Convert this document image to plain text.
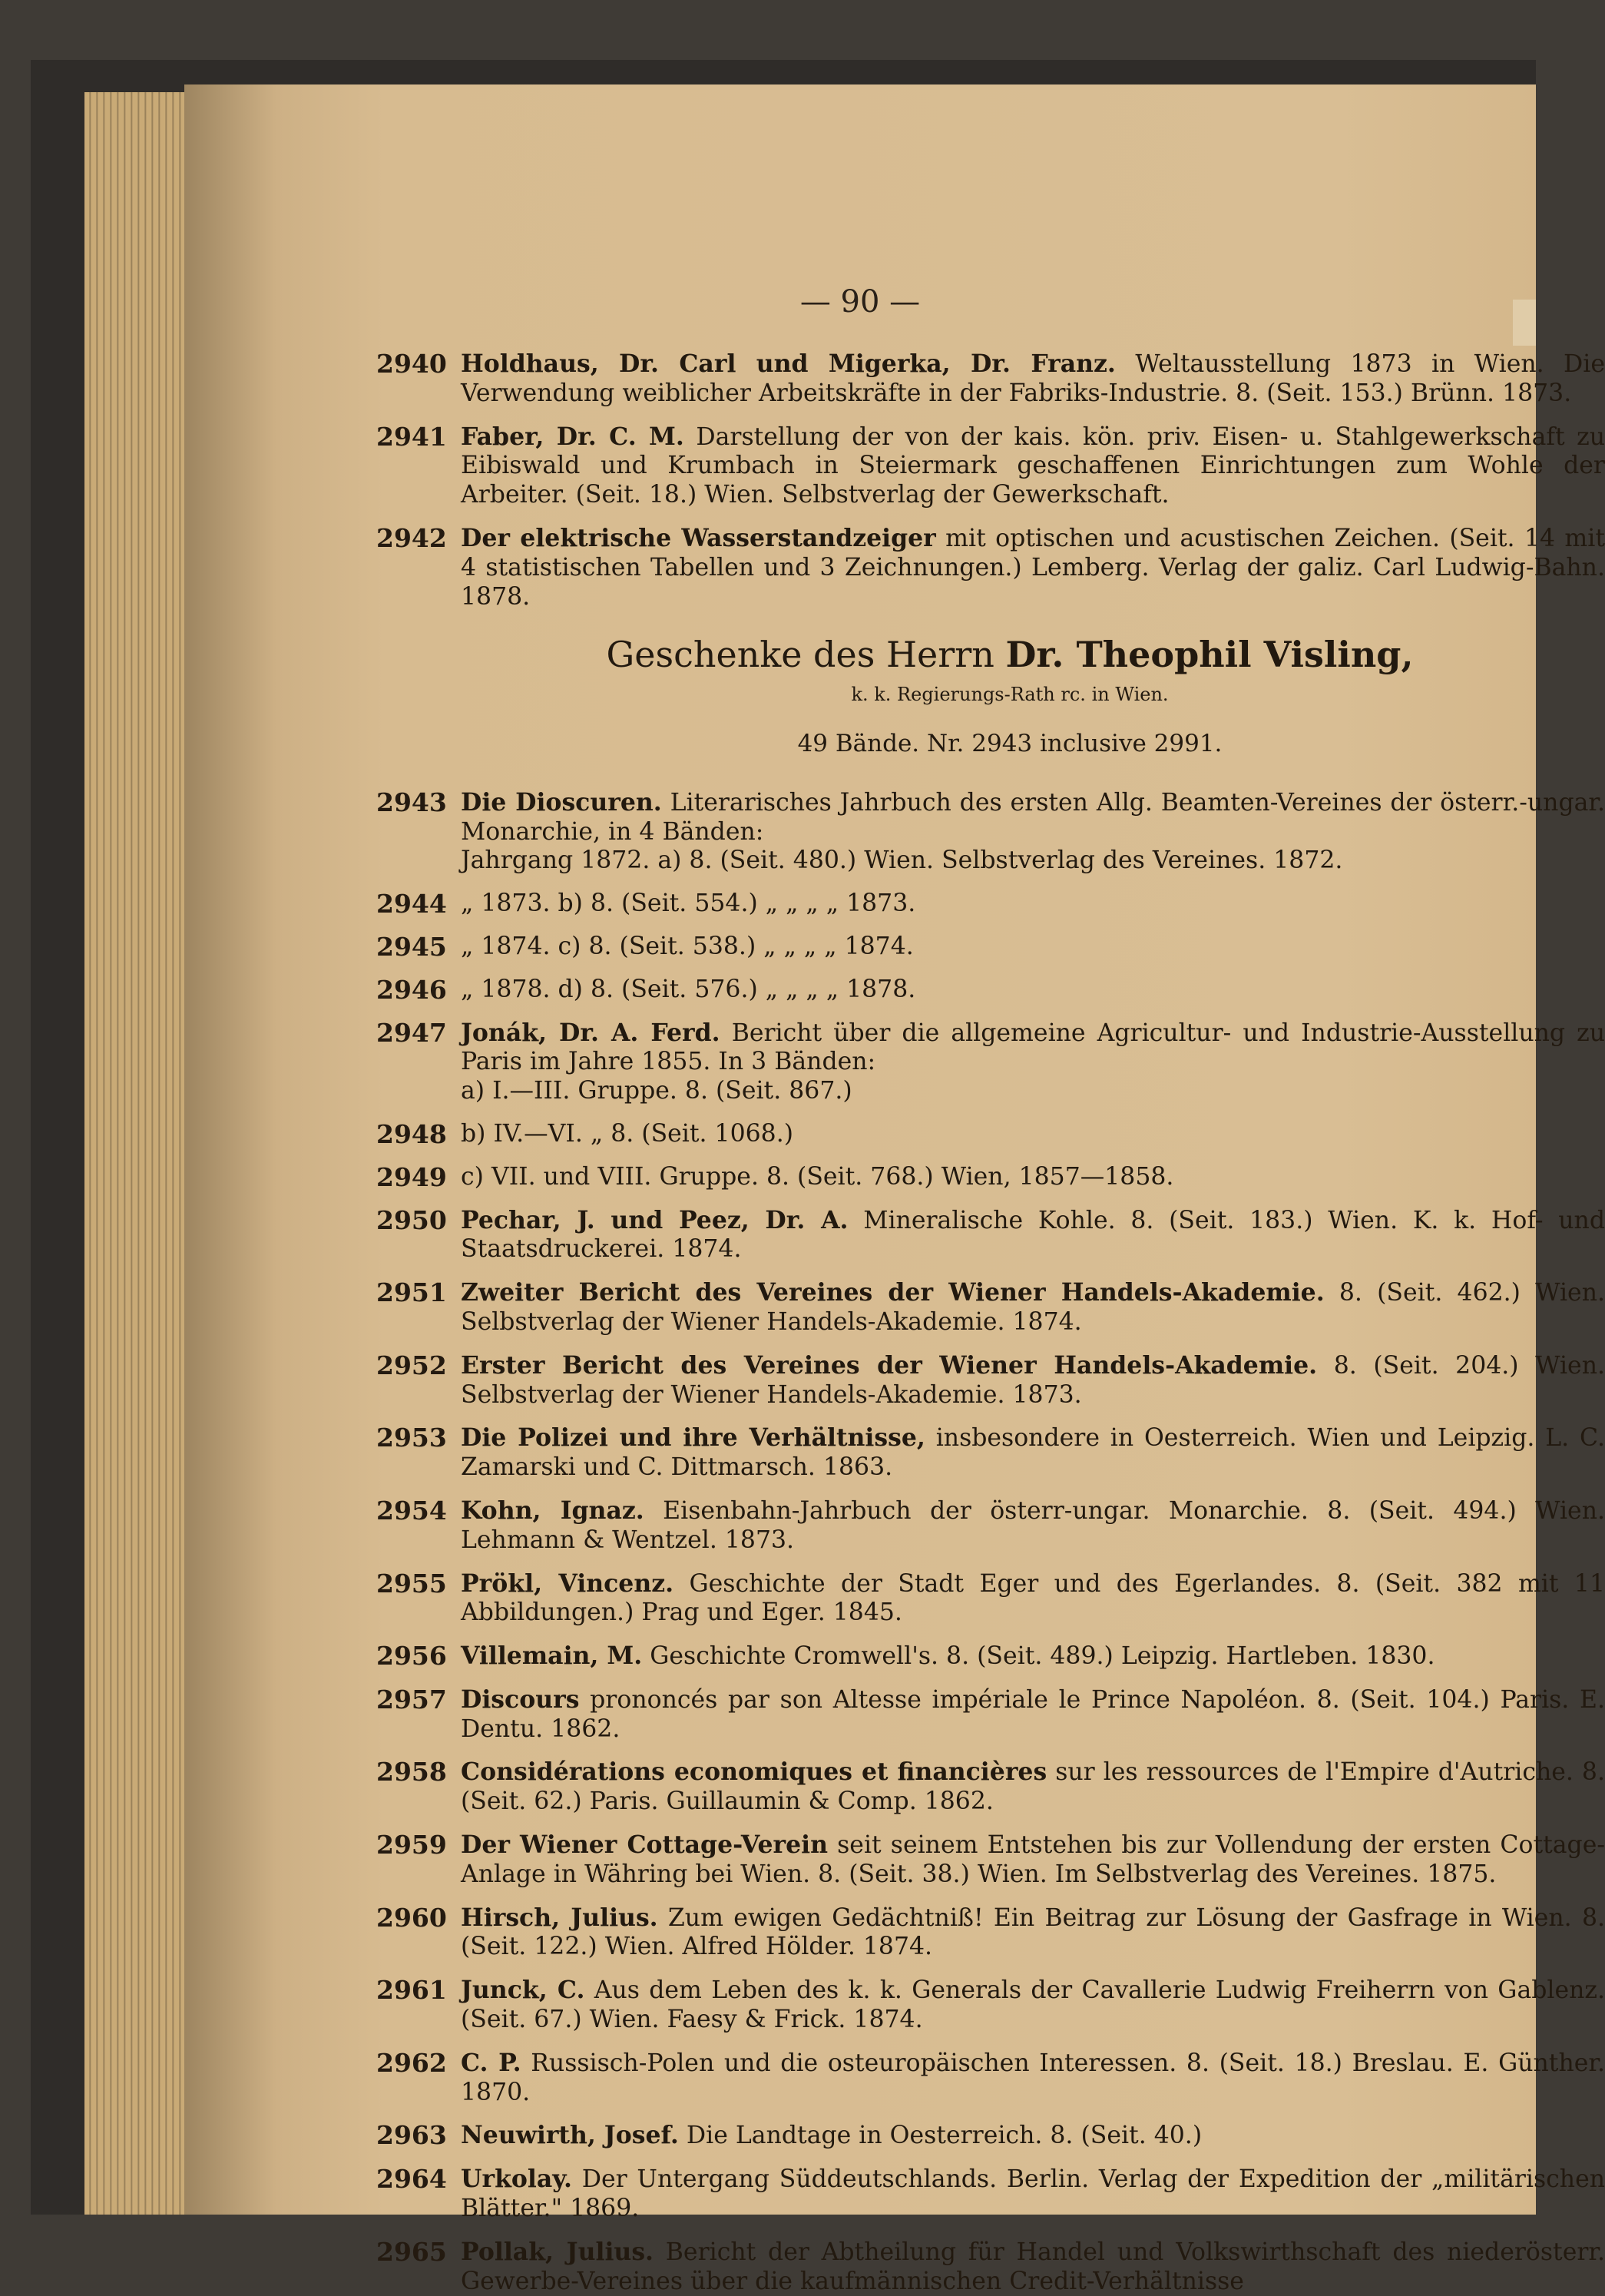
— 90 —
2940 Holdhaus, Dr. Carl und Migerka, Dr. Franz. Weltausstellung 1873 in Wien. Die Verwendung weiblicher Arbeitskräfte in der Fabriks-Industrie. 8. (Seit. 153.) Brünn. 1873.
2941 Faber, Dr. C. M. Darstellung der von der kais. kön. priv. Eisen- u. Stahlgewerkschaft zu Eibiswald und Krumbach in Steiermark geschaffenen Einrichtungen zum Wohle der Arbeiter. (Seit. 18.) Wien. Selbstverlag der Gewerkschaft.
2942 Der elektrische Wasserstandzeiger mit optischen und acustischen Zeichen. (Seit. 14 mit 4 statistischen Tabellen und 3 Zeichnungen.) Lemberg. Verlag der galiz. Carl Ludwig-Bahn. 1878.
Geschenke des Herrn Dr. Theophil Visling,
k. k. Regierungs-Rath rc. in Wien.
49 Bände. Nr. 2943 inclusive 2991.
2943 Die Dioscuren. Literarisches Jahrbuch des ersten Allg. Beamten-Vereines der österr.-ungar. Monarchie, in 4 Bänden:
Jahrgang 1872. a) 8. (Seit. 480.) Wien. Selbstverlag des Vereines. 1872.
2944 „ 1873. b) 8. (Seit. 554.) „ „ „ „ 1873.
2945 „ 1874. c) 8. (Seit. 538.) „ „ „ „ 1874.
2946 „ 1878. d) 8. (Seit. 576.) „ „ „ „ 1878.
2947 Jonák, Dr. A. Ferd. Bericht über die allgemeine Agricultur- und Industrie-Ausstellung zu Paris im Jahre 1855. In 3 Bänden:
a) I.—III. Gruppe. 8. (Seit. 867.)
2948 b) IV.—VI. „ 8. (Seit. 1068.)
2949 c) VII. und VIII. Gruppe. 8. (Seit. 768.) Wien, 1857—1858.
2950 Pechar, J. und Peez, Dr. A. Mineralische Kohle. 8. (Seit. 183.) Wien. K. k. Hof- und Staatsdruckerei. 1874.
2951 Zweiter Bericht des Vereines der Wiener Handels-Akademie. 8. (Seit. 462.) Wien. Selbstverlag der Wiener Handels-Akademie. 1874.
2952 Erster Bericht des Vereines der Wiener Handels-Akademie. 8. (Seit. 204.) Wien. Selbstverlag der Wiener Handels-Akademie. 1873.
2953 Die Polizei und ihre Verhältnisse, insbesondere in Oesterreich. Wien und Leipzig. L. C. Zamarski und C. Dittmarsch. 1863.
2954 Kohn, Ignaz. Eisenbahn-Jahrbuch der österr-ungar. Monarchie. 8. (Seit. 494.) Wien. Lehmann & Wentzel. 1873.
2955 Prökl, Vincenz. Geschichte der Stadt Eger und des Egerlandes. 8. (Seit. 382 mit 11 Abbildungen.) Prag und Eger. 1845.
2956 Villemain, M. Geschichte Cromwell's. 8. (Seit. 489.) Leipzig. Hartleben. 1830.
2957 Discours prononcés par son Altesse impériale le Prince Napoléon. 8. (Seit. 104.) Paris. E. Dentu. 1862.
2958 Considérations economiques et financières sur les ressources de l'Empire d'Autriche. 8. (Seit. 62.) Paris. Guillaumin & Comp. 1862.
2959 Der Wiener Cottage-Verein seit seinem Entstehen bis zur Vollendung der ersten Cottage-Anlage in Währing bei Wien. 8. (Seit. 38.) Wien. Im Selbstverlag des Vereines. 1875.
2960 Hirsch, Julius. Zum ewigen Gedächtniß! Ein Beitrag zur Lösung der Gasfrage in Wien. 8. (Seit. 122.) Wien. Alfred Hölder. 1874.
2961 Junck, C. Aus dem Leben des k. k. Generals der Cavallerie Ludwig Freiherrn von Gablenz. (Seit. 67.) Wien. Faesy & Frick. 1874.
2962 C. P. Russisch-Polen und die osteuropäischen Interessen. 8. (Seit. 18.) Breslau. E. Günther. 1870.
2963 Neuwirth, Josef. Die Landtage in Oesterreich. 8. (Seit. 40.)
2964 Urkolay. Der Untergang Süddeutschlands. Berlin. Verlag der Expedition der „militärischen Blätter." 1869.
2965 Pollak, Julius. Bericht der Abtheilung für Handel und Volkswirthschaft des niederösterr. Gewerbe-Vereines über die kaufmännischen Credit-Verhältnisse
